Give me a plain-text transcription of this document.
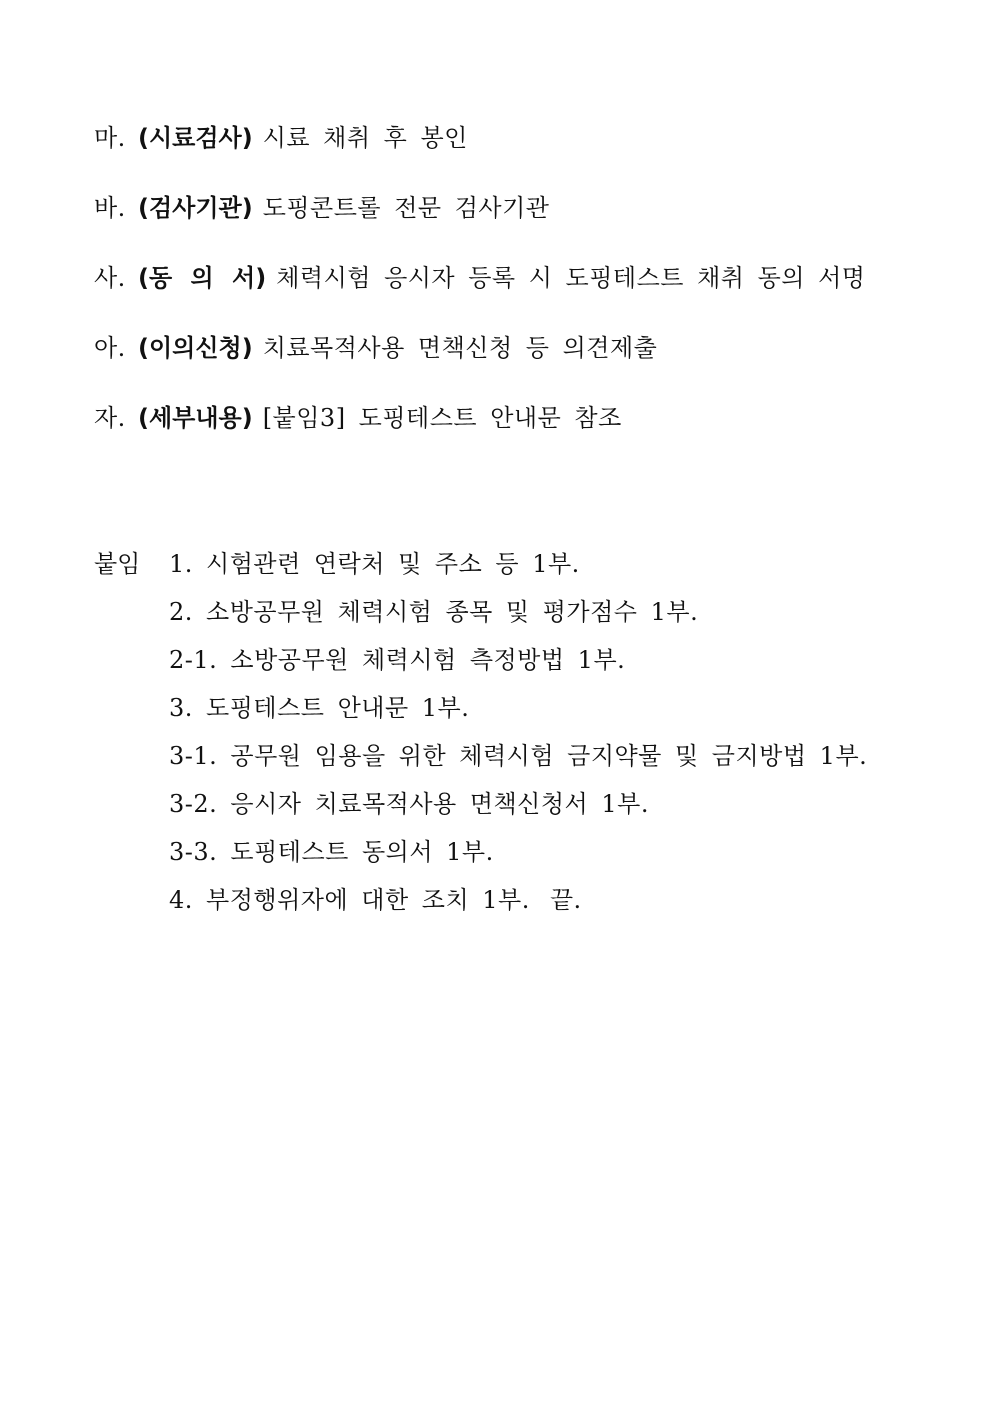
마. (시료검사) 시료 채취 후 봉인
바. (검사기관) 도핑콘트롤 전문 검사기관
사. (동 의 서) 체력시험 응시자 등록 시 도핑테스트 채취 동의 서명
아. (이의신청) 치료목적사용 면책신청 등 의견제출
자. (세부내용) [붙임3] 도핑테스트 안내문 참조
붙임 1. 시험관련 연락처 및 주소 등 1부.
2. 소방공무원 체력시험 종목 및 평가점수 1부.
2-1. 소방공무원 체력시험 측정방법 1부.
3. 도핑테스트 안내문 1부.
3-1. 공무원 임용을 위한 체력시험 금지약물 및 금지방법 1부.
3-2. 응시자 치료목적사용 면책신청서 1부.
3-3. 도핑테스트 동의서 1부.
4. 부정행위자에 대한 조치 1부. 끝.
